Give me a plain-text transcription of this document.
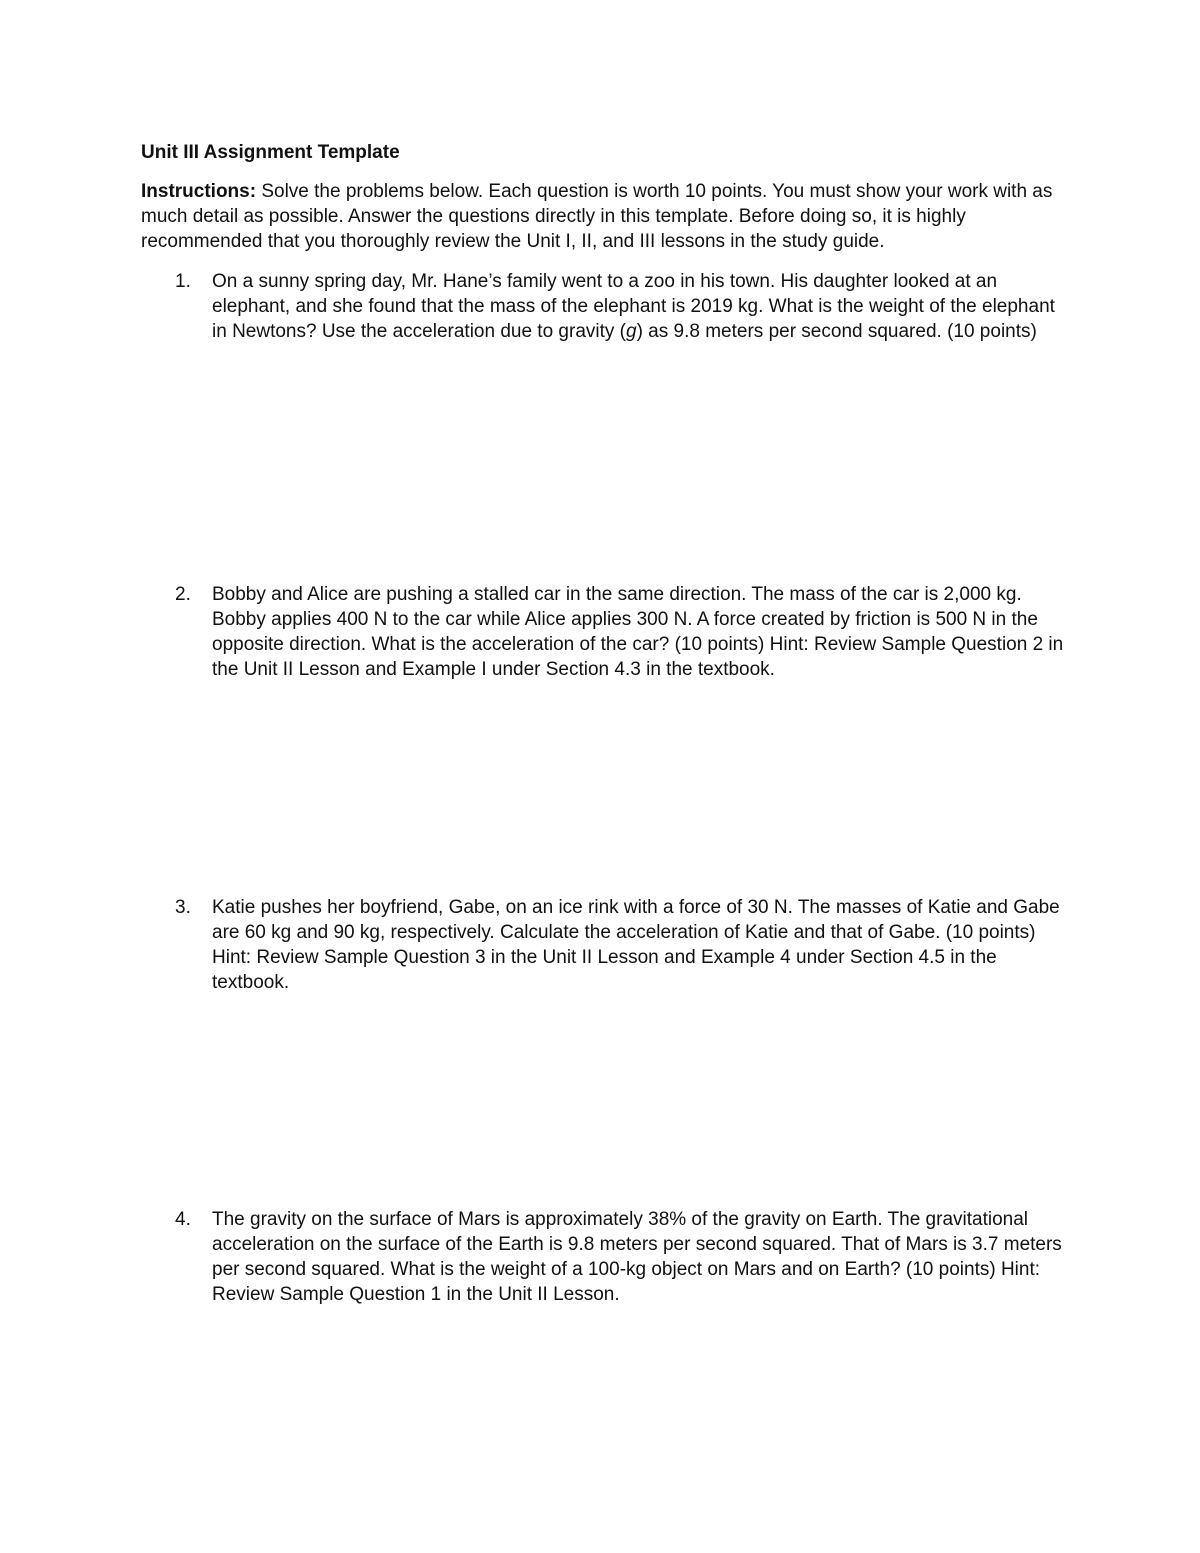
Unit III Assignment Template
Instructions: Solve the problems below. Each question is worth 10 points. You must show your work with as much detail as possible. Answer the questions directly in this template. Before doing so, it is highly recommended that you thoroughly review the Unit I, II, and III lessons in the study guide.
1.	On a sunny spring day, Mr. Hane’s family went to a zoo in his town. His daughter looked at an elephant, and she found that the mass of the elephant is 2019 kg. What is the weight of the elephant in Newtons? Use the acceleration due to gravity (g) as 9.8 meters per second squared. (10 points)
2.	Bobby and Alice are pushing a stalled car in the same direction. The mass of the car is 2,000 kg. Bobby applies 400 N to the car while Alice applies 300 N. A force created by friction is 500 N in the opposite direction. What is the acceleration of the car? (10 points) Hint: Review Sample Question 2 in the Unit II Lesson and Example I under Section 4.3 in the textbook.
3.	Katie pushes her boyfriend, Gabe, on an ice rink with a force of 30 N. The masses of Katie and Gabe are 60 kg and 90 kg, respectively. Calculate the acceleration of Katie and that of Gabe. (10 points) Hint: Review Sample Question 3 in the Unit II Lesson and Example 4 under Section 4.5 in the textbook.
4.	The gravity on the surface of Mars is approximately 38% of the gravity on Earth. The gravitational acceleration on the surface of the Earth is 9.8 meters per second squared. That of Mars is 3.7 meters per second squared. What is the weight of a 100-kg object on Mars and on Earth? (10 points) Hint: Review Sample Question 1 in the Unit II Lesson.
